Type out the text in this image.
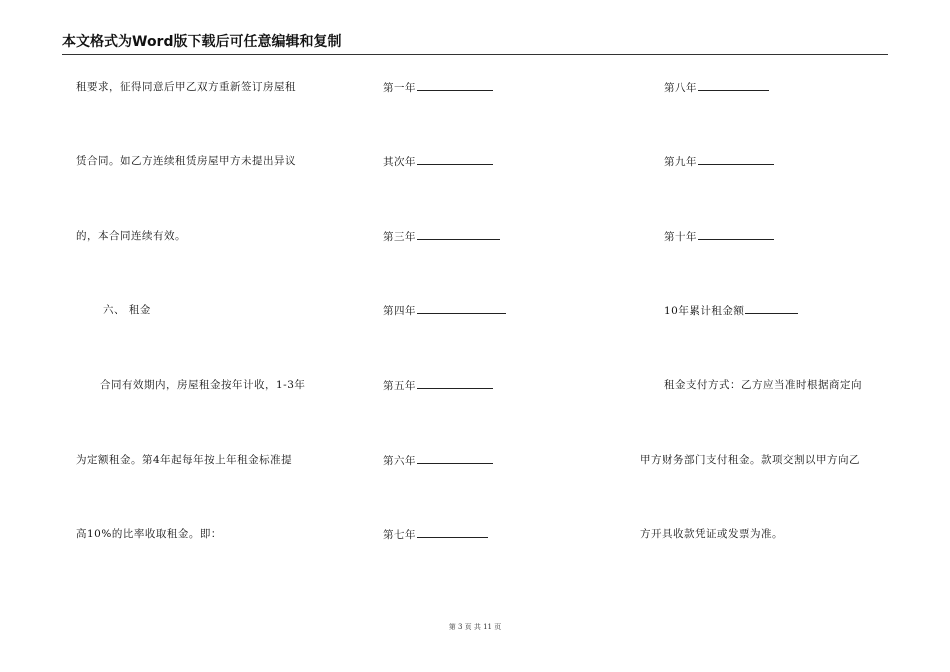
本文格式为Word版下载后可任意编辑和复制
租要求，征得同意后甲乙双方重新签订房屋租
赁合同。如乙方连续租赁房屋甲方未提出异议
的，本合同连续有效。
六、 租金
合同有效期内，房屋租金按年计收，1-3年
为定额租金。第4年起每年按上年租金标准提
高10%的比率收取租金。即：
第一年
其次年
第三年
第四年
第五年
第六年
第七年
第八年
第九年
第十年
10年累计租金额
租金支付方式：乙方应当准时根据商定向
甲方财务部门支付租金。款项交割以甲方向乙
方开具收款凭证或发票为准。
第 3 页 共 11 页
